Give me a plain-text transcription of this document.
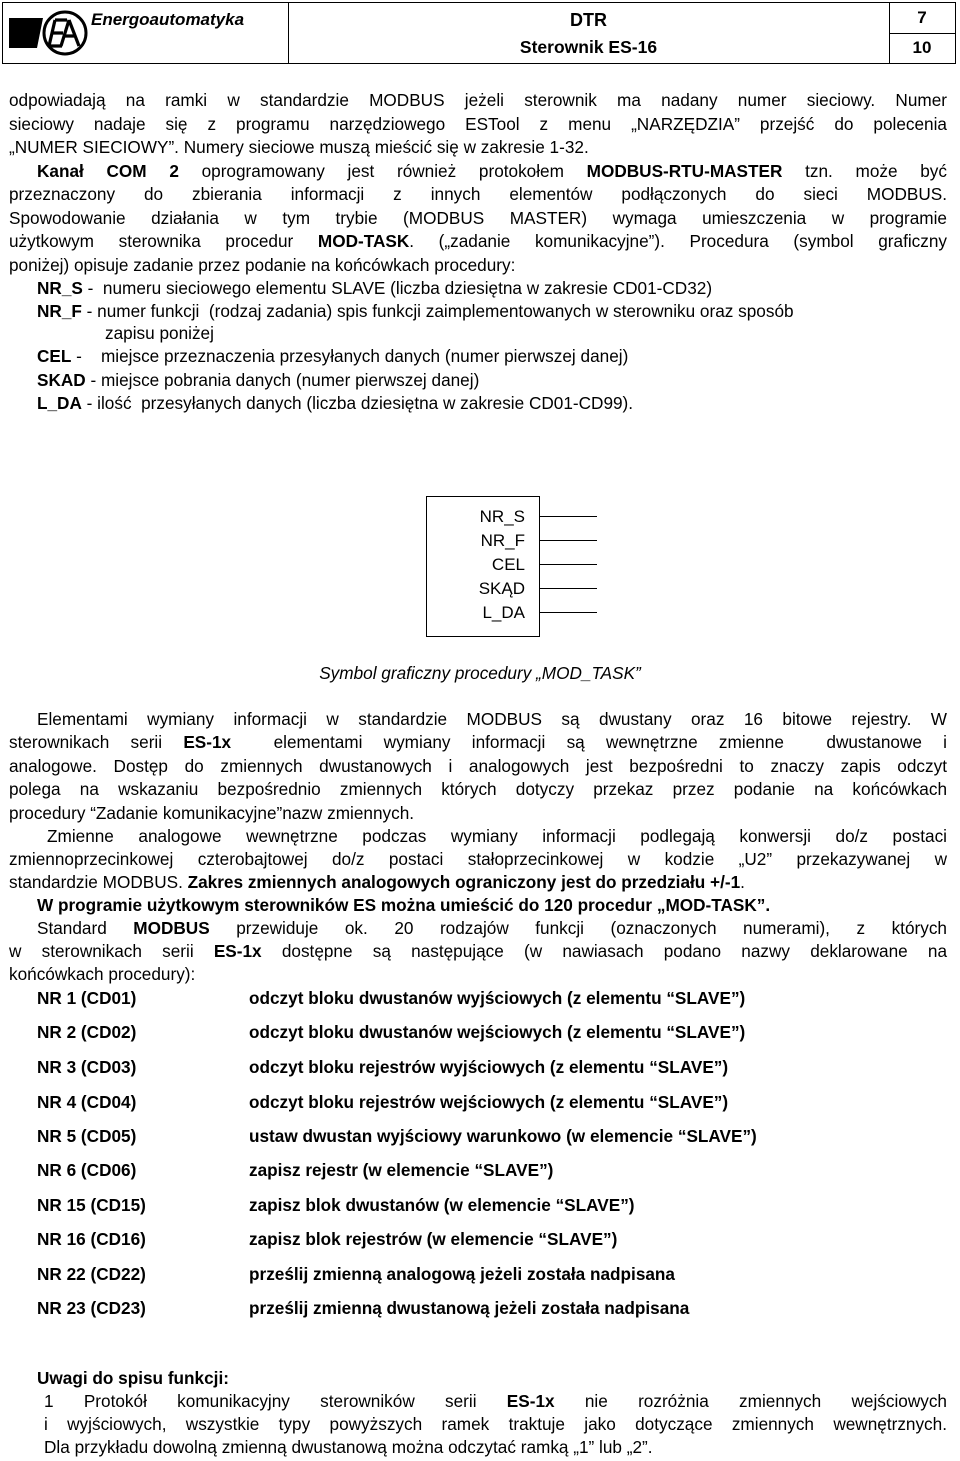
Energoautomatyka	DTR
Sterownik ES-16
7
10
odpowiadają na ramki w standardzie MODBUS jeżeli sterownik ma nadany numer sieciowy. Numer
sieciowy nadaje się z programu narzędziowego ESTool z menu „NARZĘDZIA” przejść do polecenia
„NUMER SIECIOWY”. Numery sieciowe muszą mieścić się w zakresie 1-32.
Kanał COM 2 oprogramowany jest również protokołem MODBUS-RTU-MASTER tzn. może być
przeznaczony do zbierania informacji z innych elementów podłączonych do sieci MODBUS.
Spowodowanie działania w tym trybie (MODBUS MASTER) wymaga umieszczenia w programie
użytkowym sterownika procedur MOD-TASK. („zadanie komunikacyjne”). Procedura (symbol graficzny
poniżej) opisuje zadanie przez podanie na końcówkach procedury:
NR_S -  numeru sieciowego elementu SLAVE (liczba dziesiętna w zakresie CD01-CD32)
NR_F - numer funkcji  (rodzaj zadania) spis funkcji zaimplementowanych w sterowniku oraz sposób
zapisu poniżej
CEL -    miejsce przeznaczenia przesyłanych danych (numer pierwszej danej)
SKAD - miejsce pobrania danych (numer pierwszej danej)
L_DA - ilość  przesyłanych danych (liczba dziesiętna w zakresie CD01-CD99).
NR_S
NR_F
CEL
SKĄD
L_DA
Symbol graficzny procedury „MOD_TASK”
Elementami wymiany informacji w standardzie MODBUS są dwustany oraz 16 bitowe rejestry. W
sterownikach serii ES-1x  elementami wymiany informacji są wewnętrzne zmienne  dwustanowe i
analogowe. Dostęp do zmiennych dwustanowych i analogowych jest bezpośredni to znaczy zapis odczyt
polega na wskazaniu bezpośrednio zmiennych których dotyczy przekaz przez podanie na końcówkach
procedury “Zadanie komunikacyjne”nazw zmiennych.
Zmienne analogowe wewnętrzne podczas wymiany informacji podlegają konwersji do/z postaci
zmiennoprzecinkowej czterobajtowej do/z postaci stałoprzecinkowej w kodzie „U2” przekazywanej w
standardzie MODBUS. Zakres zmiennych analogowych ograniczony jest do przedziału +/-1.
W programie użytkowym sterowników ES można umieścić do 120 procedur „MOD-TASK”.
Standard MODBUS przewiduje ok. 20 rodzajów funkcji (oznaczonych numerami), z których
w sterownikach serii ES-1x dostępne są następujące (w nawiasach podano nazwy deklarowane na
końcówkach procedury):
NR 1 (CD01)	odczyt bloku dwustanów wyjściowych (z elementu “SLAVE”)
NR 2 (CD02)	odczyt bloku dwustanów wejściowych (z elementu “SLAVE”)
NR 3 (CD03)	odczyt bloku rejestrów wyjściowych (z elementu “SLAVE”)
NR 4 (CD04)	odczyt bloku rejestrów wejściowych (z elementu “SLAVE”)
NR 5 (CD05)	ustaw dwustan wyjściowy warunkowo (w elemencie “SLAVE”)
NR 6 (CD06)	zapisz rejestr (w elemencie “SLAVE”)
NR 15 (CD15)	zapisz blok dwustanów (w elemencie “SLAVE”)
NR 16 (CD16)	zapisz blok rejestrów (w elemencie “SLAVE”)
NR 22 (CD22)	prześlij zmienną analogową jeżeli została nadpisana
NR 23 (CD23)	prześlij zmienną dwustanową jeżeli została nadpisana
Uwagi do spisu funkcji:
1  Protokół  komunikacyjny  sterowników  serii  ES-1x  nie  rozróżnia  zmiennych  wejściowych
i wyjściowych, wszystkie typy powyższych ramek traktuje jako dotyczące zmiennych wewnętrznych.
Dla przykładu dowolną zmienną dwustanową można odczytać ramką „1” lub „2”.
